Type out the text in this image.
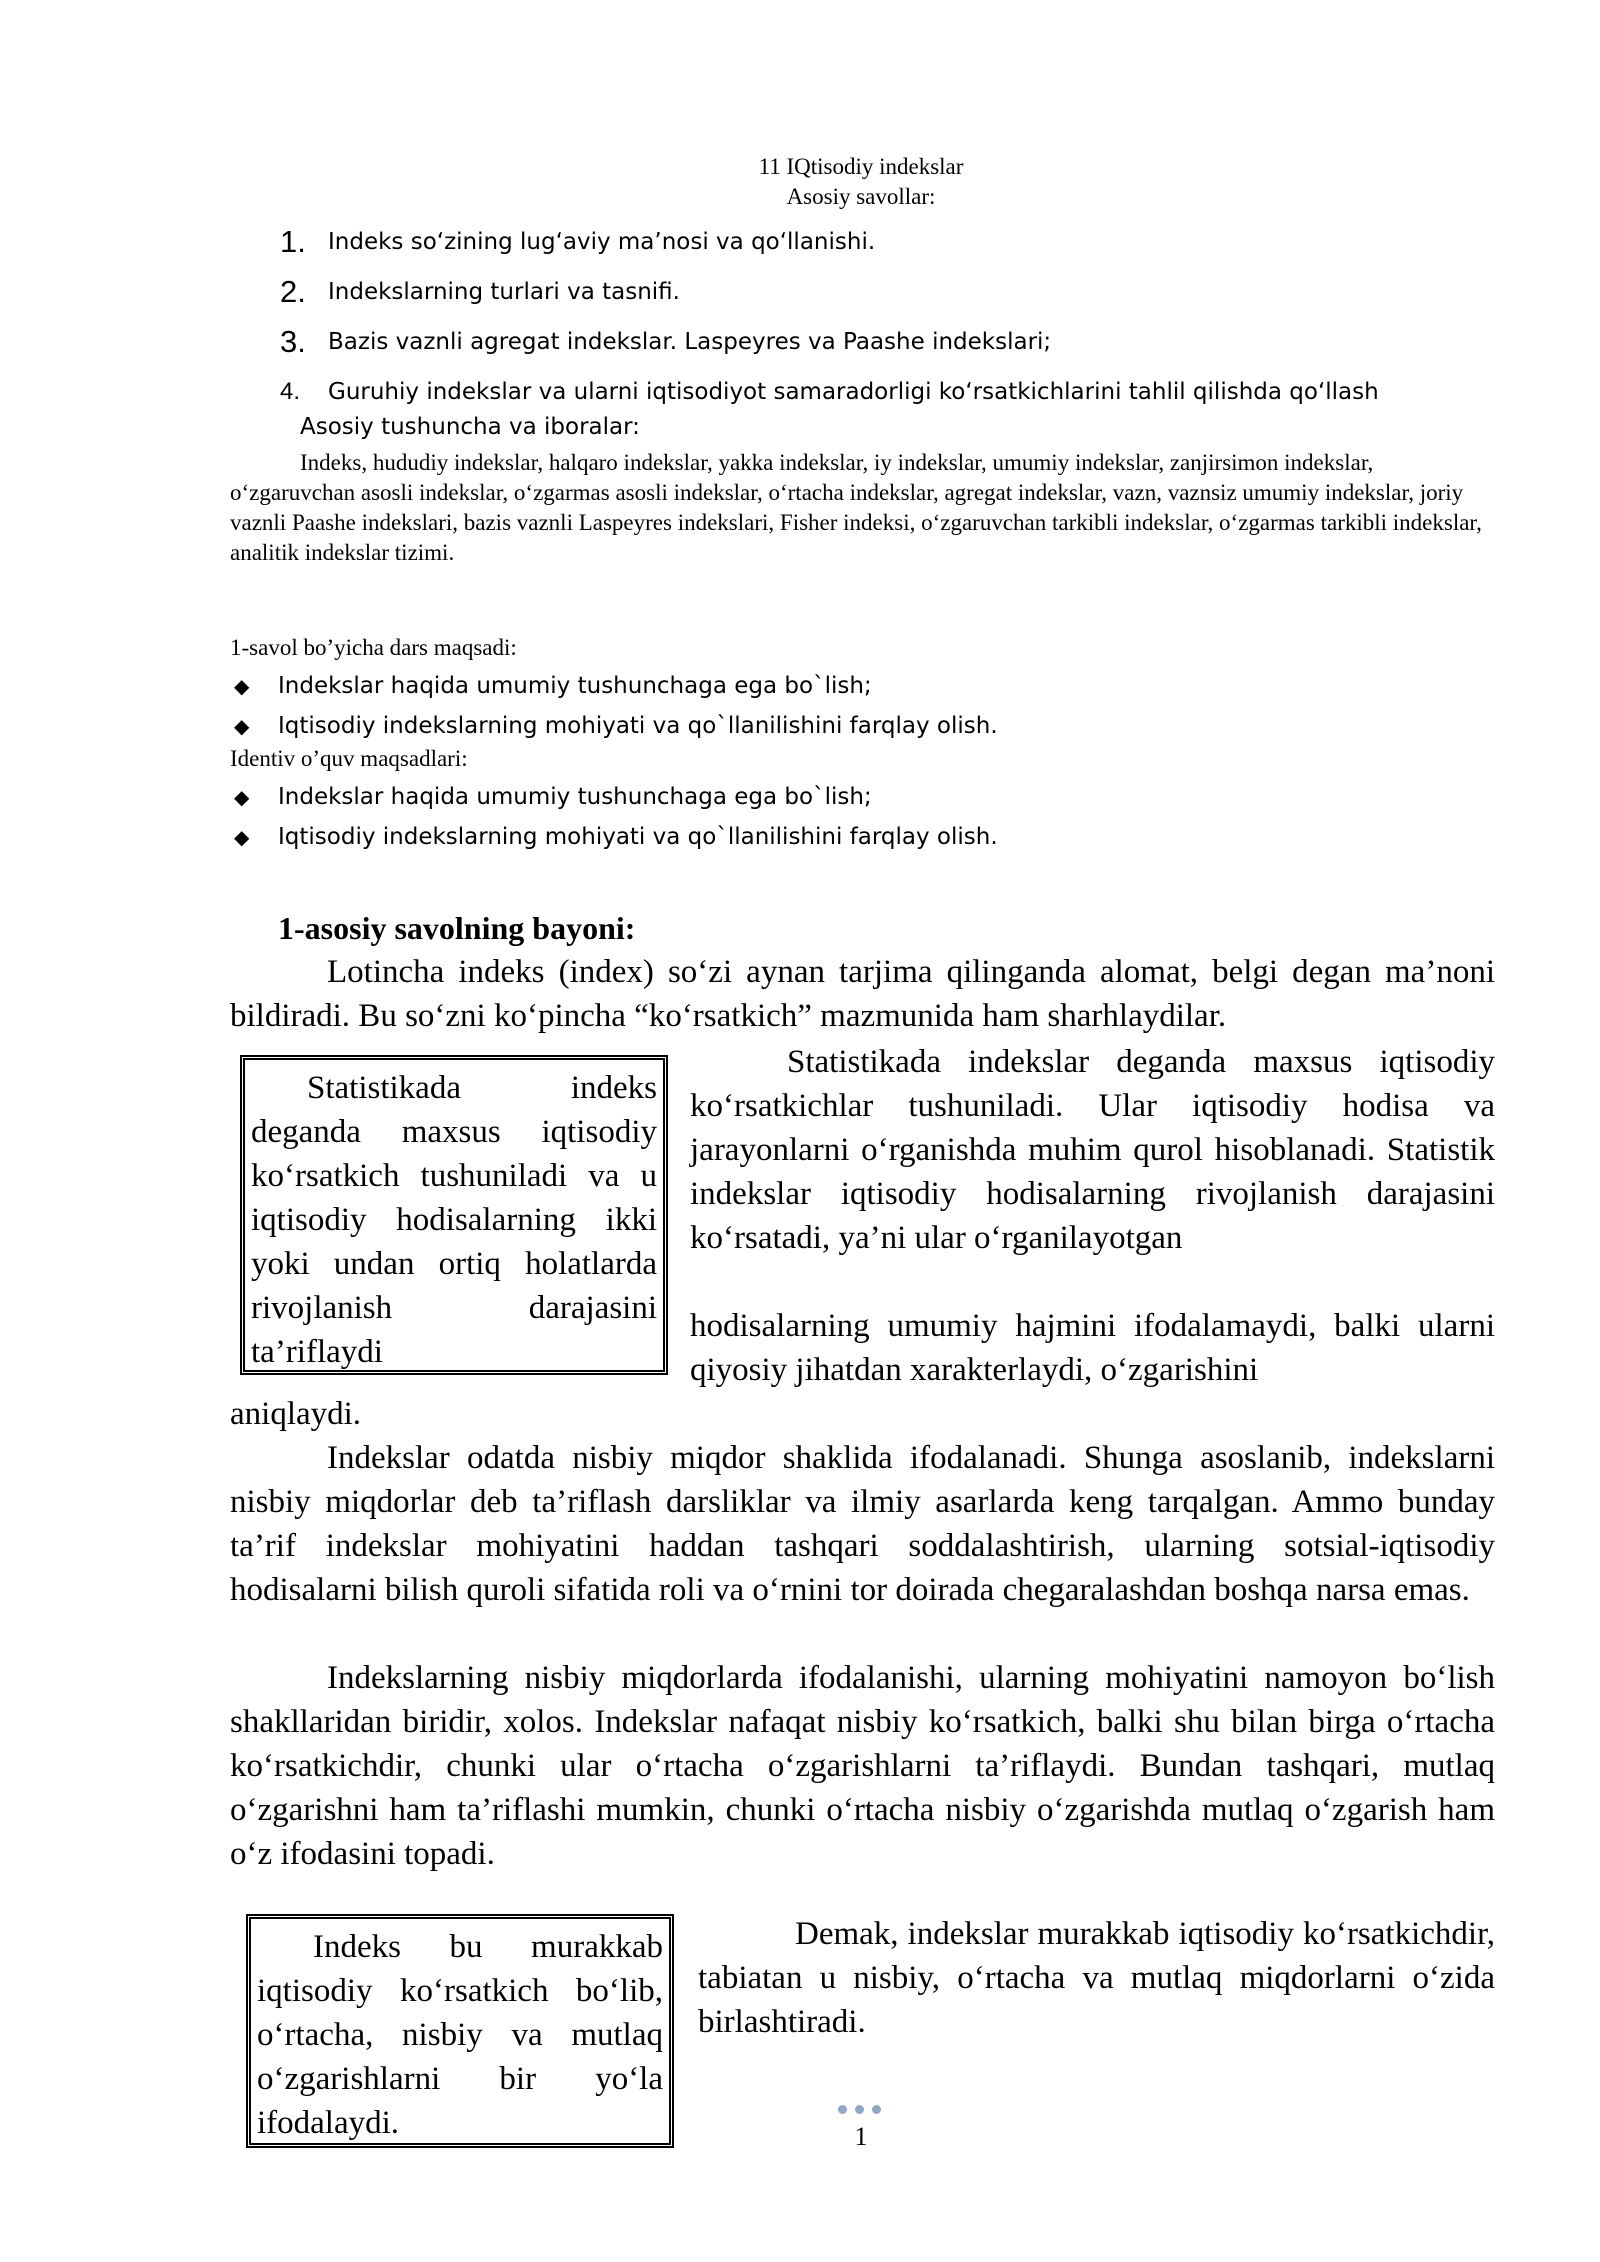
11 IQtisodiy indekslar
Asosiy savollar:
1. Indeks so‘zining lug‘aviy ma’nosi va qo‘llanishi.
2. Indekslarning turlari va tasnifi.
3. Bazis vaznli agregat indekslar. Laspeyres va Paashe indekslari;
4.	Guruhiy indekslar va ularni iqtisodiyot samaradorligi ko‘rsatkichlarini tahlil qilishda qo‘llash
Asosiy tushuncha va iboralar:
Indeks, hududiy indekslar, halqaro indekslar, yakka indekslar, iy indekslar, umumiy indekslar, zanjirsimon indekslar, o‘zgaruvchan asosli indekslar, o‘zgarmas asosli indekslar, o‘rtacha indekslar, agregat indekslar, vazn, vaznsiz umumiy indekslar, joriy vaznli Paashe indekslari, bazis vaznli Laspeyres indekslari, Fisher indeksi, o‘zgaruvchan tarkibli indekslar, o‘zgarmas tarkibli indekslar, analitik indekslar tizimi.
1-savol bo’yicha dars maqsadi:
◆	Indekslar haqida umumiy tushunchaga ega bo`lish;
◆	Iqtisodiy indekslarning mohiyati va qo`llanilishini farqlay olish.
Identiv o’quv maqsadlari:
◆	Indekslar haqida umumiy tushunchaga ega bo`lish;
◆	Iqtisodiy indekslarning mohiyati va qo`llanilishini farqlay olish.
1-asosiy savolning bayoni:
Lotincha indeks (index) so‘zi aynan tarjima qilinganda alomat, belgi degan ma’noni bildiradi. Bu so‘zni ko‘pincha “ko‘rsatkich” mazmunida ham sharhlaydilar.
Statistikada indeks deganda maxsus iqtisodiy ko‘rsatkich tushuniladi va u iqtisodiy hodisalarning ikki yoki undan ortiq holatlarda rivojlanish darajasini ta’riflaydi
Statistikada indekslar deganda maxsus iqtisodiy ko‘rsatkichlar tushuniladi. Ular iqtisodiy hodisa va jarayonlarni o‘rganishda muhim qurol hisoblanadi. Statistik indekslar iqtisodiy hodisalarning rivojlanish darajasini ko‘rsatadi, ya’ni ular o‘rganilayotgan
hodisalarning umumiy hajmini ifodalamaydi, balki ularni qiyosiy jihatdan xarakterlaydi, o‘zgarishini
aniqlaydi.
Indekslar odatda nisbiy miqdor shaklida ifodalanadi. Shunga asoslanib, indekslarni nisbiy miqdorlar deb ta’riflash darsliklar va ilmiy asarlarda keng tarqalgan. Ammo bunday ta’rif indekslar mohiyatini haddan tashqari soddalashtirish, ularning sotsial-iqtisodiy hodisalarni bilish quroli sifatida roli va o‘rnini tor doirada chegaralashdan boshqa narsa emas.
Indekslarning nisbiy miqdorlarda ifodalanishi, ularning mohiyatini namoyon bo‘lish shakllaridan biridir, xolos. Indekslar nafaqat nisbiy ko‘rsatkich, balki shu bilan birga o‘rtacha ko‘rsatkichdir, chunki ular o‘rtacha o‘zgarishlarni ta’riflaydi. Bundan tashqari, mutlaq o‘zgarishni ham ta’riflashi mumkin, chunki o‘rtacha nisbiy o‘zgarishda mutlaq o‘zgarish ham o‘z ifodasini topadi.
Indeks bu murakkab iqtisodiy ko‘rsatkich bo‘lib, o‘rtacha, nisbiy va mutlaq o‘zgarishlarni bir yo‘la ifodalaydi.
Demak, indekslar murakkab iqtisodiy ko‘rsatkichdir, tabiatan u nisbiy, o‘rtacha va mutlaq miqdorlarni o‘zida birlashtiradi.
1
